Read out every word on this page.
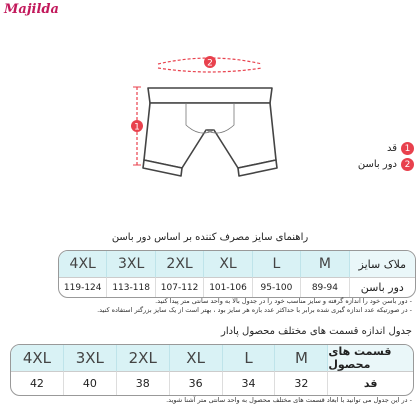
Majilda
2
1
1
قد
2
دور باسن
راهنمای سایز مصرف کننده بر اساس دور باسن
4XL	3XL	2XL	XL	L	M	ملاک سایز
119-124	113-118	107-112	101-106	95-100	89-94	دور باسن
- دور باسن خود را اندازه گرفته و سایز مناسب خود را در جدول بالا به واحد سانتی متر پیدا کنید.
- در صورتیکه عدد اندازه گیری شده برابر با حداکثر عدد بازه هر سایز بود ، بهتر است از یک سایز بزرگتر استفاده کنید.
جدول اندازه قسمت های مختلف محصول پادار
4XL	3XL	2XL	XL	L	M	قسمت های محصول
42	40	38	36	34	32	قد
- در این جدول می توانید با ابعاد قسمت های مختلف محصول به واحد سانتی متر آشنا شوید.
